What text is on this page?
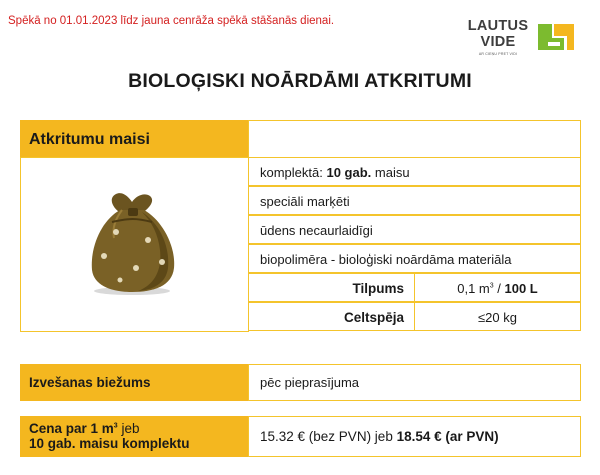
Spēkā no 01.01.2023 līdz jauna cenrāža spēkā stāšanās dienai.	LAUTUS
VIDE
AR CIEŅU PRET VIDI
BIOLOĢISKI NOĀRDĀMI ATKRITUMI
Atkritumu maisi
komplektā: 10 gab. maisu
speciāli marķēti
ūdens necaurlaidīgi
biopolimēra - bioloģiski noārdāma materiāla
Tilpums	0,1 $m^3 / 100$ L
Celtspēja	≤20 kg
Izvešanas biežums	pēc pieprasījuma
Cena par 1 $m^3$ jeb
10 gab. maisu komplektu	15.32 € (bez PVN) jeb 18.54 € (ar PVN)
